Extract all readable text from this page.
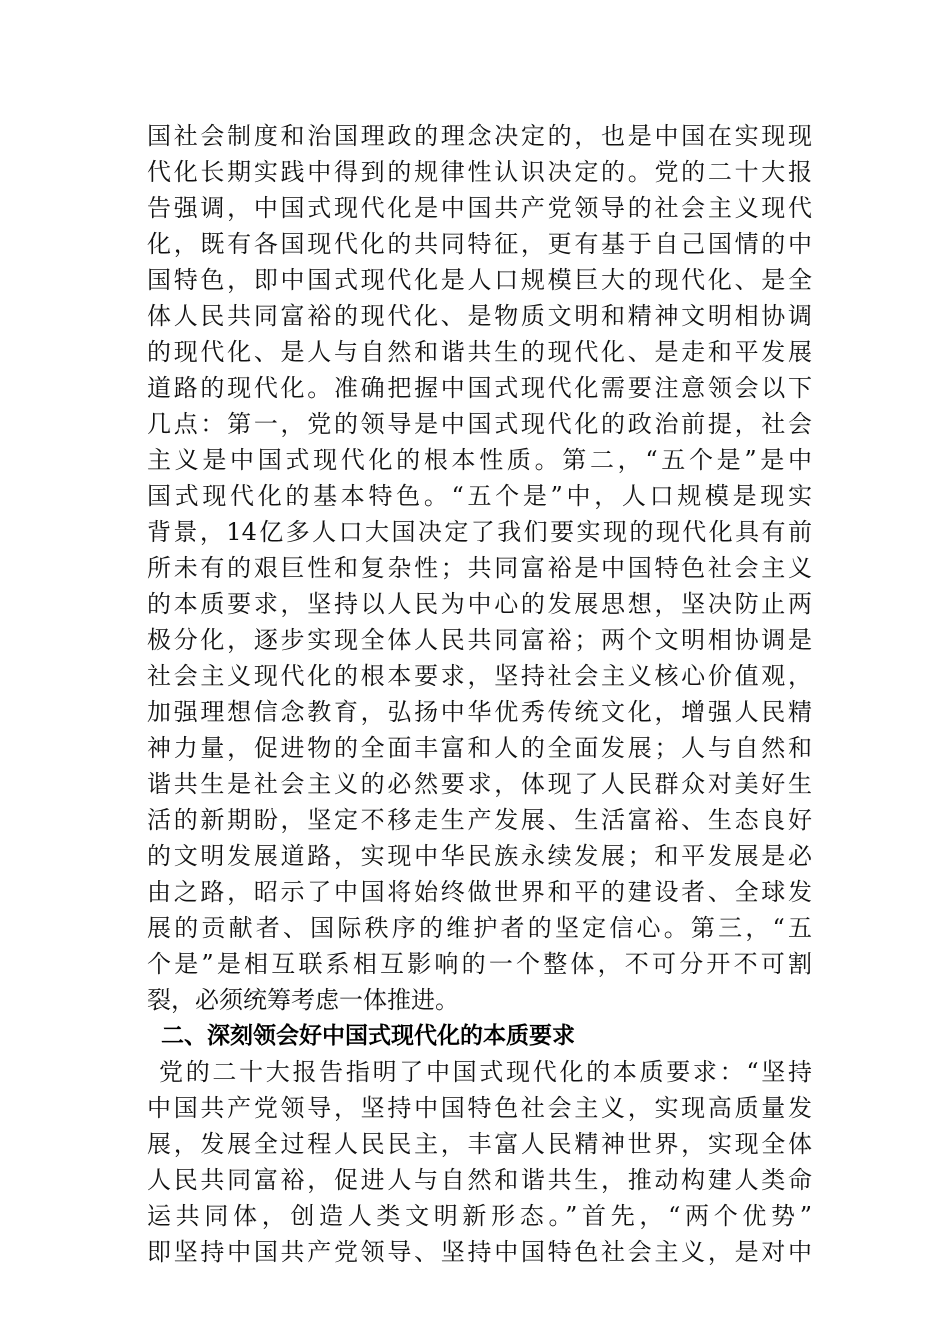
国社会制度和治国理政的理念决定的，也是中国在实现现
代化长期实践中得到的规律性认识决定的。党的二十大报
告强调，中国式现代化是中国共产党领导的社会主义现代
化，既有各国现代化的共同特征，更有基于自己国情的中
国特色，即中国式现代化是人口规模巨大的现代化、是全
体人民共同富裕的现代化、是物质文明和精神文明相协调
的现代化、是人与自然和谐共生的现代化、是走和平发展
道路的现代化。准确把握中国式现代化需要注意领会以下
几点：第一，党的领导是中国式现代化的政治前提，社会
主义是中国式现代化的根本性质。第二，“五个是”是中
国式现代化的基本特色。“五个是”中，人口规模是现实
背景，14亿多人口大国决定了我们要实现的现代化具有前
所未有的艰巨性和复杂性；共同富裕是中国特色社会主义
的本质要求，坚持以人民为中心的发展思想，坚决防止两
极分化，逐步实现全体人民共同富裕；两个文明相协调是
社会主义现代化的根本要求，坚持社会主义核心价值观，
加强理想信念教育，弘扬中华优秀传统文化，增强人民精
神力量，促进物的全面丰富和人的全面发展；人与自然和
谐共生是社会主义的必然要求，体现了人民群众对美好生
活的新期盼，坚定不移走生产发展、生活富裕、生态良好
的文明发展道路，实现中华民族永续发展；和平发展是必
由之路，昭示了中国将始终做世界和平的建设者、全球发
展的贡献者、国际秩序的维护者的坚定信心。第三，“五
个是”是相互联系相互影响的一个整体，不可分开不可割
裂，必须统筹考虑一体推进。
二、深刻领会好中国式现代化的本质要求
党的二十大报告指明了中国式现代化的本质要求：“坚持
中国共产党领导，坚持中国特色社会主义，实现高质量发
展，发展全过程人民民主，丰富人民精神世界，实现全体
人民共同富裕，促进人与自然和谐共生，推动构建人类命
运共同体，创造人类文明新形态。”首先，“两个优势”
即坚持中国共产党领导、坚持中国特色社会主义，是对中
